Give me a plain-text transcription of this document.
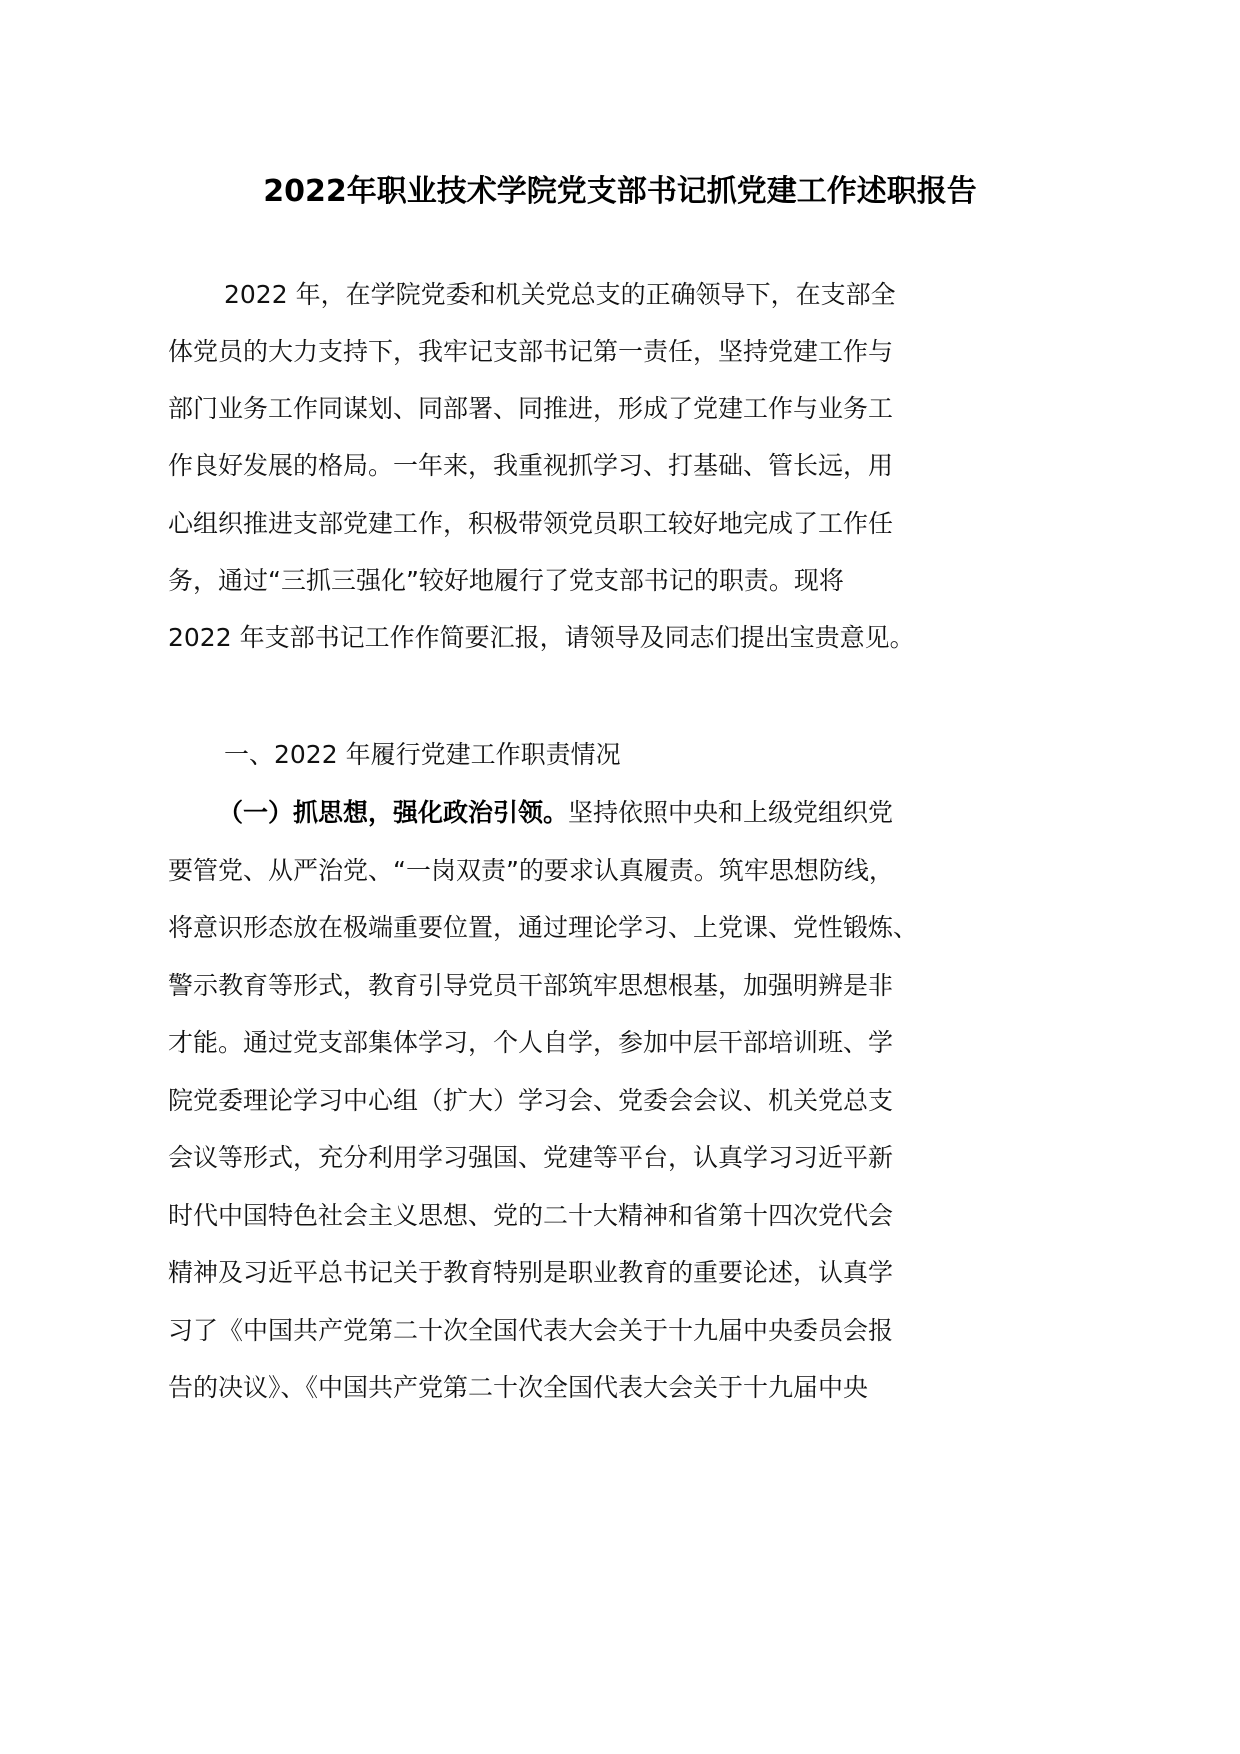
2022年职业技术学院党支部书记抓党建工作述职报告
2022 年，在学院党委和机关党总支的正确领导下，在支部全
体党员的大力支持下，我牢记支部书记第一责任，坚持党建工作与
部门业务工作同谋划、同部署、同推进，形成了党建工作与业务工
作良好发展的格局。一年来，我重视抓学习、打基础、管长远，用
心组织推进支部党建工作，积极带领党员职工较好地完成了工作任
务，通过“三抓三强化”较好地履行了党支部书记的职责。现将
2022 年支部书记工作作简要汇报，请领导及同志们提出宝贵意见。
一、2022 年履行党建工作职责情况
（一）抓思想，强化政治引领。坚持依照中央和上级党组织党
要管党、从严治党、“一岗双责”的要求认真履责。筑牢思想防线，
将意识形态放在极端重要位置，通过理论学习、上党课、党性锻炼、
警示教育等形式，教育引导党员干部筑牢思想根基，加强明辨是非
才能。通过党支部集体学习，个人自学，参加中层干部培训班、学
院党委理论学习中心组（扩大）学习会、党委会会议、机关党总支
会议等形式，充分利用学习强国、党建等平台，认真学习习近平新
时代中国特色社会主义思想、党的二十大精神和省第十四次党代会
精神及习近平总书记关于教育特别是职业教育的重要论述，认真学
习了《中国共产党第二十次全国代表大会关于十九届中央委员会报
告的决议》、《中国共产党第二十次全国代表大会关于十九届中央
